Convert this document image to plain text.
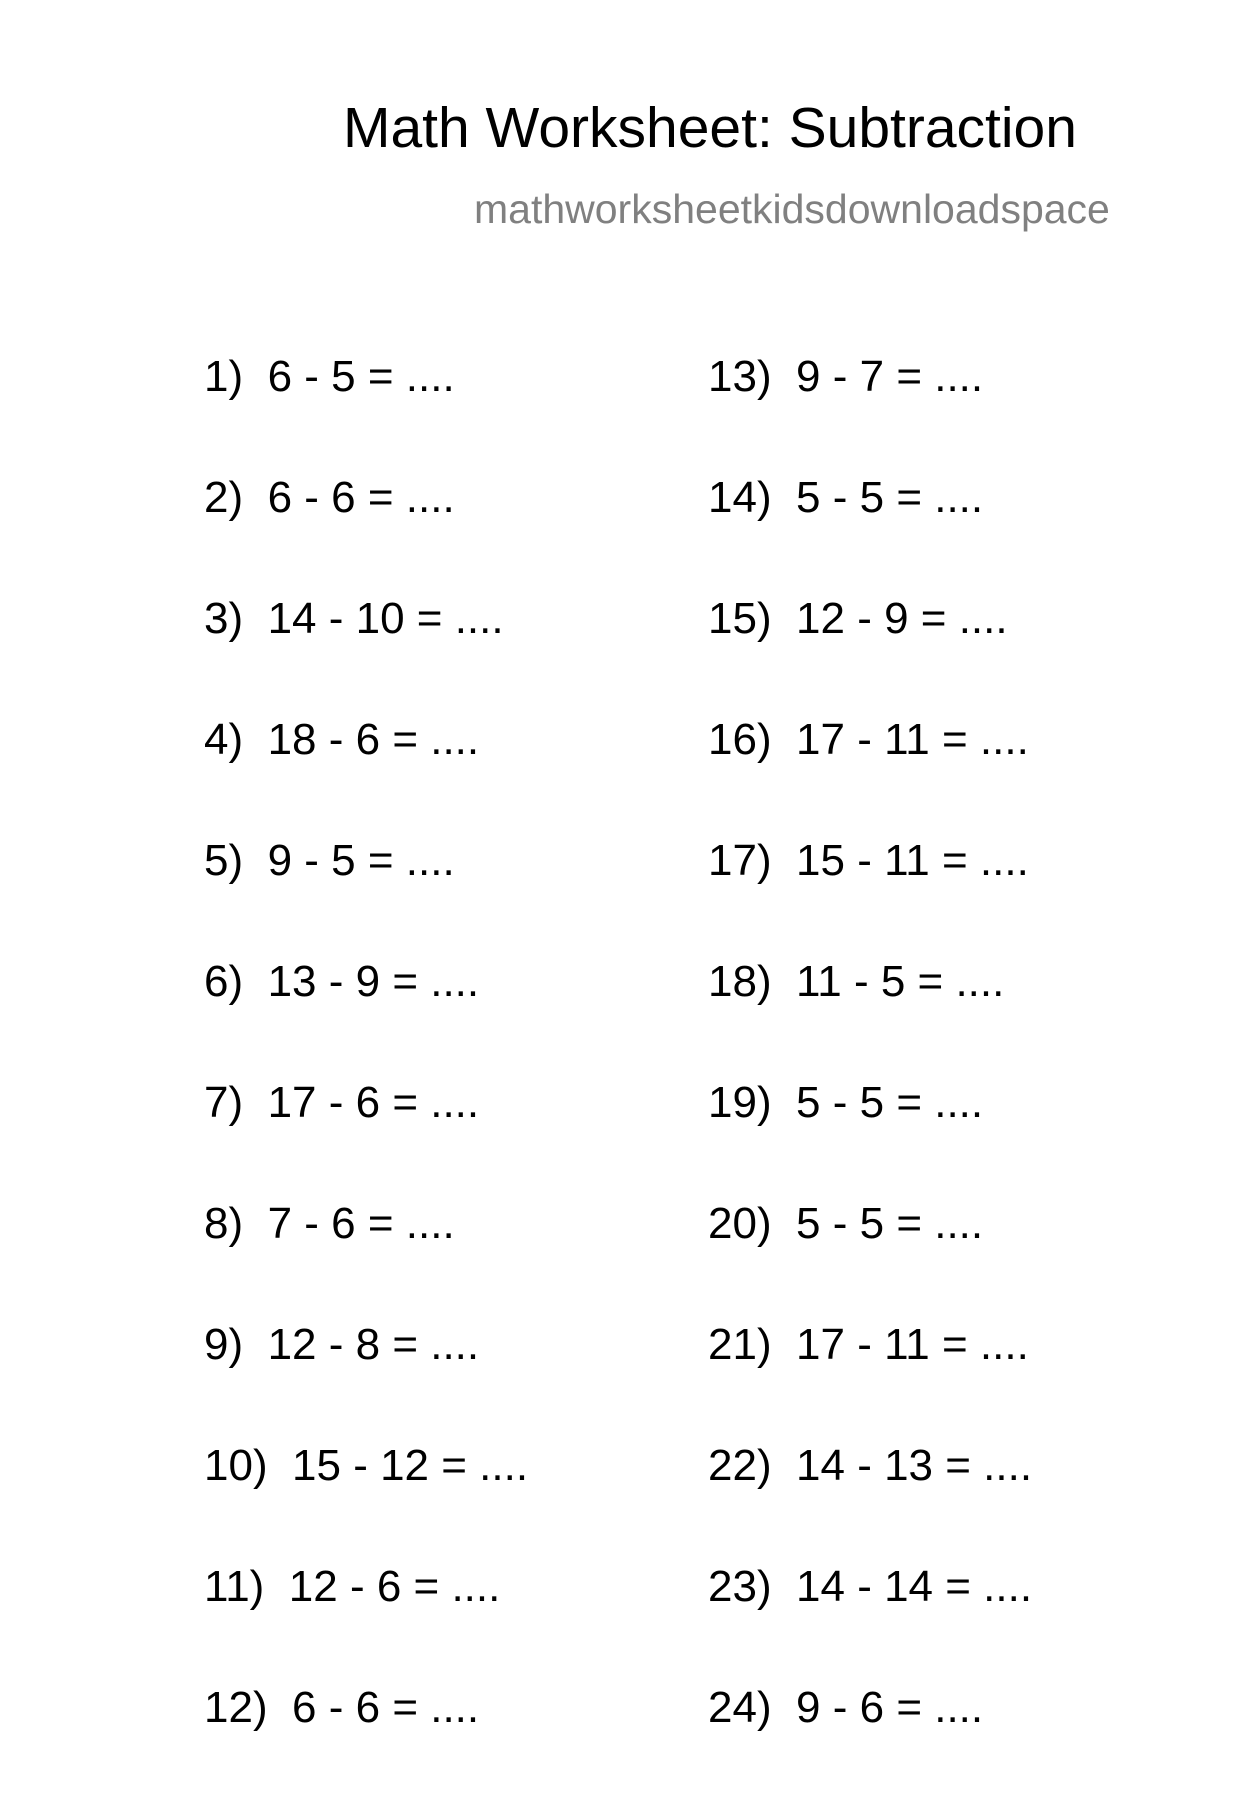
Math Worksheet: Subtraction
mathworksheetkidsdownloadspace
1) 6 - 5 = ....
2) 6 - 6 = ....
3) 14 - 10 = ....
4) 18 - 6 = ....
5) 9 - 5 = ....
6) 13 - 9 = ....
7) 17 - 6 = ....
8) 7 - 6 = ....
9) 12 - 8 = ....
10) 15 - 12 = ....
11) 12 - 6 = ....
12) 6 - 6 = ....
13) 9 - 7 = ....
14) 5 - 5 = ....
15) 12 - 9 = ....
16) 17 - 11 = ....
17) 15 - 11 = ....
18) 11 - 5 = ....
19) 5 - 5 = ....
20) 5 - 5 = ....
21) 17 - 11 = ....
22) 14 - 13 = ....
23) 14 - 14 = ....
24) 9 - 6 = ....
